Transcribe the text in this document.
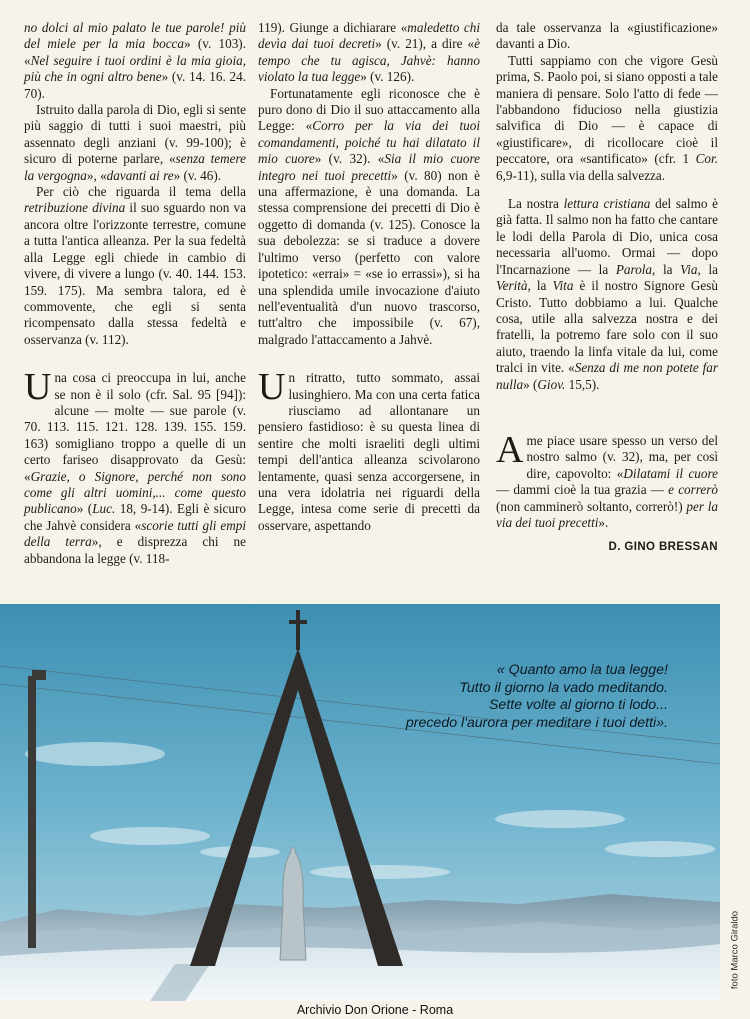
no dolci al mio palato le tue parole! più del miele per la mia bocca» (v. 103). «Nel seguire i tuoi ordini è la mia gioia, più che in ogni altro bene» (v. 14. 16. 24. 70).

Istruito dalla parola di Dio, egli si sente più saggio di tutti i suoi maestri, più assennato degli anziani (v. 99-100); è sicuro di poterne parlare, «senza temere la vergogna», «davanti ai re» (v. 46).

Per ciò che riguarda il tema della retribuzione divina il suo sguardo non va ancora oltre l'orizzonte terrestre, comune a tutta l'antica alleanza. Per la sua fedeltà alla Legge egli chiede in cambio di vivere, di vivere a lungo (v. 40. 144. 153. 159. 175). Ma sembra talora, ed è commovente, che egli si senta ricompensato dalla stessa fedeltà e osservanza (v. 112).

Una cosa ci preoccupa in lui, anche se non è il solo (cfr. Sal. 95 [94]): alcune — molte — sue parole (v. 70. 113. 115. 121. 128. 139. 155. 159. 163) somigliano troppo a quelle di un certo fariseo disapprovato da Gesù: «Grazie, o Signore, perché non sono come gli altri uomini,... come questo publicano» (Luc. 18, 9-14). Egli è sicuro che Jahvè considera «scorie tutti gli empi della terra», e disprezza chi ne abbandona la legge (v. 118-

119). Giunge a dichiarare «maledetto chi devìa dai tuoi decreti» (v. 21), a dire «è tempo che tu agisca, Jahvè: hanno violato la tua legge» (v. 126).

Fortunatamente egli riconosce che è puro dono di Dio il suo attaccamento alla Legge: «Corro per la via dei tuoi comandamenti, poiché tu hai dilatato il mio cuore» (v. 32). «Sia il mio cuore integro nei tuoi precetti» (v. 80) non è una affermazione, è una domanda. La stessa comprensione dei precetti di Dio è oggetto di domanda (v. 125). Conosce la sua debolezza: se si traduce a dovere l'ultimo verso (perfetto con valore ipotetico: «errai» = «se io errassi»), si ha una splendida umile invocazione d'aiuto nell'eventualità d'un nuovo trascorso, tutt'altro che impossibile (v. 67), malgrado l'attaccamento a Jahvè.

Un ritratto, tutto sommato, assai lusinghiero. Ma con una certa fatica riusciamo ad allontanare un pensiero fastidioso: è su questa linea di sentire che molti israeliti degli ultimi tempi dell'antica alleanza scivolarono lentamente, quasi senza accorgersene, in una vera idolatria nei riguardi della Legge, intesa come serie di precetti da osservare, aspettando

da tale osservanza la «giustificazione» davanti a Dio.

Tutti sappiamo con che vigore Gesù prima, S. Paolo poi, si siano opposti a tale maniera di pensare. Solo l'atto di fede — l'abbandono fiducioso nella giustizia salvifica di Dio — è capace di «giustificare», di ricollocare cioè il peccatore, ora «santificato» (cfr. 1 Cor. 6,9-11), sulla via della salvezza.

La nostra lettura cristiana del salmo è già fatta. Il salmo non ha fatto che cantare le lodi della Parola di Dio, unica cosa necessaria all'uomo. Ormai — dopo l'Incarnazione — la Parola, la Via, la Verità, la Vita è il nostro Signore Gesù Cristo. Tutto dobbiamo a lui. Qualche cosa, utile alla salvezza nostra e dei fratelli, la potremo fare solo con il suo aiuto, traendo la linfa vitale da lui, come tralci in vite. «Senza di me non potete far nulla» (Giov. 15,5).

Ame piace usare spesso un verso del nostro salmo (v. 32), ma, per così dire, capovolto: «Dilatami il cuore — dammi cioè la tua grazia — e correrò (non camminerò soltanto, correrò!) per la via dei tuoi precetti».

D. GINO BRESSAN
« Quanto amo la tua legge!
Tutto il giorno la vado meditando.
Sette volte al giorno ti lodo...
precedo l'aurora per meditare i tuoi detti».
foto Marco Giraldo
Archivio Don Orione - Roma
